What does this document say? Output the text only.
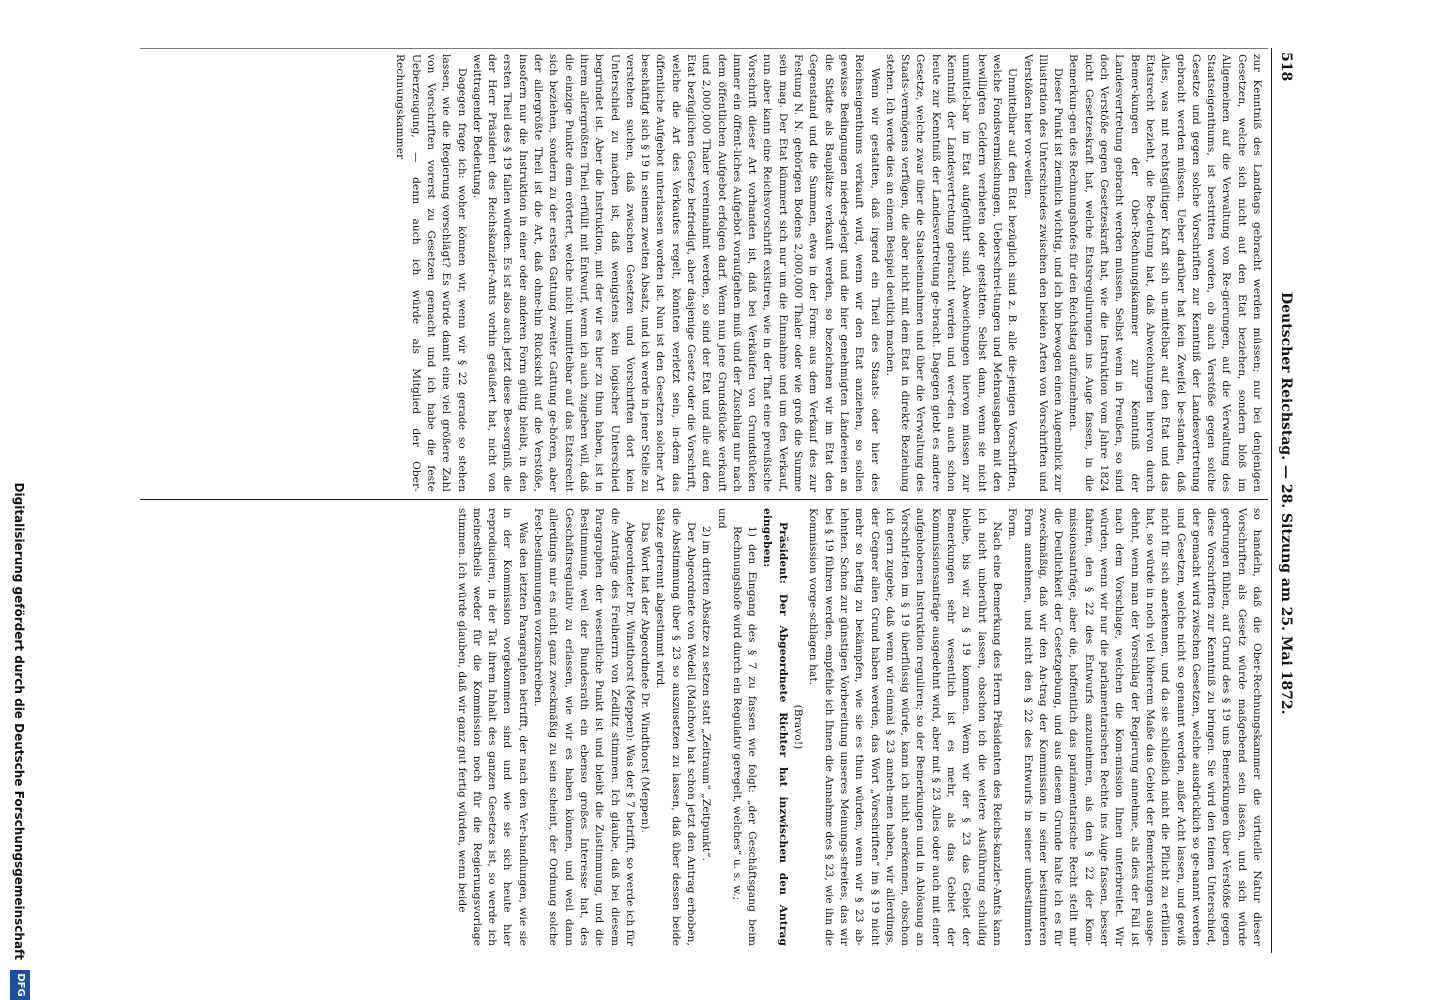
518
Deutscher Reichstag. — 28. Sitzung am 25. Mai 1872.

zur Kenntniß des Landtags gebracht werden müssen; nur bei denjenigen Gesetzen, welche sich nicht auf den Etat beziehen, sondern bloß im Allgemeinen auf die Verwaltung von Re-gierungen, auf die Verwaltung des Staatseigenthums, ist bestritten worden, ob auch Verstöße gegen solche Gesetze und gegen solche Vorschriften zur Kenntniß der Landesvertretung gebracht werden müssen. Ueber darüber hat kein Zweifel be-standen, daß Alles, was mit rechtsgültiger Kraft sich un-mittelbar auf den Etat und das Etatsrecht bezieht, die Be-deutung hat, daß Abweichungen hiervon durch Bemer-kungen der Ober-Rechnungskammer zur Kenntniß der Landesvertretung gebracht werden müssen. Selbst wenn in Preußen, so sind doch Verstöße gegen Gesetzeskraft hat, wie die Instruktion vom Jahre 1824 nicht Gesetzeskraft hat, welche Etatsregulirungen ins Auge fassen, in die Bemerkun-gen des Rechnungshofes für den Reichstag aufzunehmen.

Dieser Punkt ist ziemlich wichtig, und ich bin bewogen einen Augenblick zur Illustration des Unterschiedes zwischen den beiden Arten von Vorschriften und Verstößen hier vor-weilen.

Unmittelbar auf den Etat bezüglich sind z. B. alle die-jenigen Vorschriften, welche Fondsvermischungen, Ueberschrei-tungen und Mehrausgaben mit den bewilligten Geldern verbieten oder gestatten. Selbst dann, wenn sie nicht unmittel-bar im Etat aufgeführt sind. Abweichungen hiervon müssen zur Kenntniß der Landesvertretung gebracht werden und wer-den auch schon heute zur Kenntniß der Landesvertretung ge-bracht. Dagegen giebt es andere Gesetze, welche zwar über die Staatseinnahmen und über die Verwaltung des Staats-vermögens verfügen, die aber nicht mit dem Etat in direkte Beziehung stehen. Ich werde dies an einem Beispiel deutlich machen.

Wenn wir gestatten, daß irgend ein Theil des Staats- oder hier des Reichseigenthums verkauft wird, wenn wir den Etat anziehen, so sollen gewisse Bedingungen nieder-gelegt und die hier genehmigten Ländereien an die Städte als Bauplätze verkauft werden, so bezeichnen wir im Etat den Gegenstand und die Summen, etwa in der Form: aus dem Verkauf des zur Festung N. N. gehörigen Bodens 2,000,000 Thaler oder wie groß die Summe sein mag. Der Etat kümmert sich nur um die Einnahme und um den Verkauf, nun aber kann eine Reichsvorschrift existiren, wie in der That eine preußische Vorschrift dieser Art vorhanden ist, daß bei Verkäufen von Grundstücken immer ein öffent-liches Aufgebot voraufgehen muß und der Zuschlag nur nach dem öffentlichen Aufgebot erfolgen darf. Wenn nun jene Grundstücke verkauft und 2,000,000 Thaler vereinnahmt werden, so sind der Etat und alle auf den Etat bezüglichen Gesetze befriedigt, aber dasjenige Gesetz oder die Vorschrift, welche die Art des Verkaufes regelt, könnten verletzt sein, in-dem das öffentliche Aufgebot unterlassen worden ist. Nun ist den Gesetzen solcher Art beschäftigt sich § 19 in seinem zweiten Absatz, und ich werde in jener Stelle zu verstehen suchen, daß zwischen Gesetzen und Vorschriften dort kein Unterschied zu machen ist, daß wenigstens kein logischer Unterschied begründet ist. Aber die Instruktion, mit der wir es hier zu thun haben, ist in ihrem allergrößten Theil erfüllt mit Entwurf, wenn ich auch zugeben will, daß die einzige Punkte dem erörtert, welche nicht unmittelbar auf das Etatsrecht sich beziehen, sondern zu der ersten Gattung zweiter Gattung ge-hören, aber der allergrößte Theil ist die Art, daß ohne-hin Rücksicht auf die Verstöße, insofern nur die Instruktion in einer oder anderen Form gültig bleibt, in den ersten Theil des § 19 fallen würden. Es ist also auch jetzt diese Be-sorgniß, die der Herr Präsident des Reichskanzler-Amts vorhin geäußert hat, nicht von weittragender Bedeutung.

Dagegen frage ich: woher können wir, wenn wir § 22 gerade so stehen lassen, wie die Regierung vorschlägt? Es würde damit eine viel größere Zahl von Vorschriften vorerst zu Gesetzen gemacht und ich habe die feste Ueberzeugung, — denn auch ich würde als Mitglied der Ober-Rechnungskammer

so handeln, daß die Ober-Rechnungskammer die virtuelle Natur dieser Vorschriften als Gesetz würde maßgebend sein lassen, und sich würde gedrungen fühlen, auf Grund des § 19 uns Bemerkungen über Verstöße gegen diese Vorschriften zur Kenntniß zu bringen. Sie wird den feinen Unterschied, der gemacht wird zwischen Gesetzen, welche ausdrücklich so ge-nannt werden und Gesetzen, welche nicht so genannt werden, außer Acht lassen, und gewiß nicht für sich anerkennen, und da sie schließlich nicht die Pflicht zu erfüllen hat, so würde in noch viel höherem Maße das Gebiet der Bemerkungen ausge-dehnt, wenn man der Vorschlag der Regierung annehme, als dies der Fall ist nach dem Vorschlage, welchen die Kom-mission Ihnen unterbreitet. Wir würden, wenn wir nur die parlamentarischen Rechte ins Auge fassen, besser fahren, den § 22 des Entwurfs anzunehmen, als den § 22 der Kom-missionsanträge, aber die, hoffentlich das parlamentarische Recht stellt mir die Deutlichkeit der Gesetzgebung, und aus diesem Grunde halte ich es für zweckmäßig, daß wir den An-trag der Kommission in seiner bestimmteren Form annehmen, und nicht den § 22 des Entwurfs in seiner unbestimmten Form.

Nach eine Bemerkung des Herrn Präsidenten des Reichs-kanzler-Amts kann ich nicht unberührt lassen, obschon ich die weitere Ausführung schuldig bleibe, bis wir zu § 19 kommen. Wenn wir der § 23 das Gebiet der Bemerkungen sehr wesentlich ist es mehr, als das Gebiet der Kommissionsanträge ausgedehnt wird, aber mit § 23 Alles oder auch mit einer aufgehobenen Instruktion reguliren; so der Bemerkungen und in Ablösung an Vorschrif-ten im § 19 überflüssig würde, kann ich nicht anerkennen, obschon ich gern zugebe, daß wenn wir einmal § 23 anneh-men haben, wir allerdings, der Gegner allen Grund haben werden, das Wort „Vorschriften“ im § 19 nicht mehr so heftig zu bekämpfen, wie sie es thun würden, wenn wir § 23 ab-lehnten. Schon zur günstigen Vorbereitung unseres Meinungs-streites, das wir bei § 19 führen werden, empfehle ich Ihnen die Annahme des § 23, wie ihn die Kommission vorge-schlagen hat.

(Bravo!)

Präsident: Der Abgeordnete Richter hat inzwischen den Antrag eingeben:

1) den Eingang des § 7 zu fassen wie folgt: „der Geschäftsgang beim Rechnungshofe wird durch ein Regulativ geregelt, welches“ u. s. w.;

und

2) im dritten Absatze zu setzen statt „Zeitraum“ „Zeitpunkt“.

Der Abgeordnete von Wedell (Malchow) hat schon jetzt den Antrag erhoben, die Abstimmung über § 23 so auszusetzen zu lassen, daß über dessen beide Sätze getrennt abgestimmt wird.

Das Wort hat der Abgeordnete Dr. Windthorst (Meppen).

Abgeordneter Dr. Windthorst (Meppen): Was der § 7 betrifft, so werde ich für die Anträge des Freiherrn von Zedlitz stimmen. Ich glaube, daß bei diesem Paragraphen der wesentliche Punkt ist und bleibt die Zustimmung, und die Bestimmung, weil der Bundesrath ein ebenso großes Interesse hat, des Geschäftsregulativ zu erlassen, wie wir es haben können, und weil dann allerdings mir es nicht ganz zweckmäßig zu sein scheint, der Ordnung solche Fest-bestimmungen vorzuschreiben.

Was den letzten Paragraphen betrifft, der nach den Ver-handlungen, wie sie in der Kommission vorgekommen sind und wie sie sich heute hier reproduciren, in der Tat ihrem Inhalt des ganzen Gesetzes ist, so werde ich meinestheils weder für die Kommission noch für die Regierungsvorlage stimmen. Ich würde glauben, daß wir ganz gut fertig würden, wenn beide

Digitalisierung gefördert durch die Deutsche Forschungsgemeinschaft
DFG
